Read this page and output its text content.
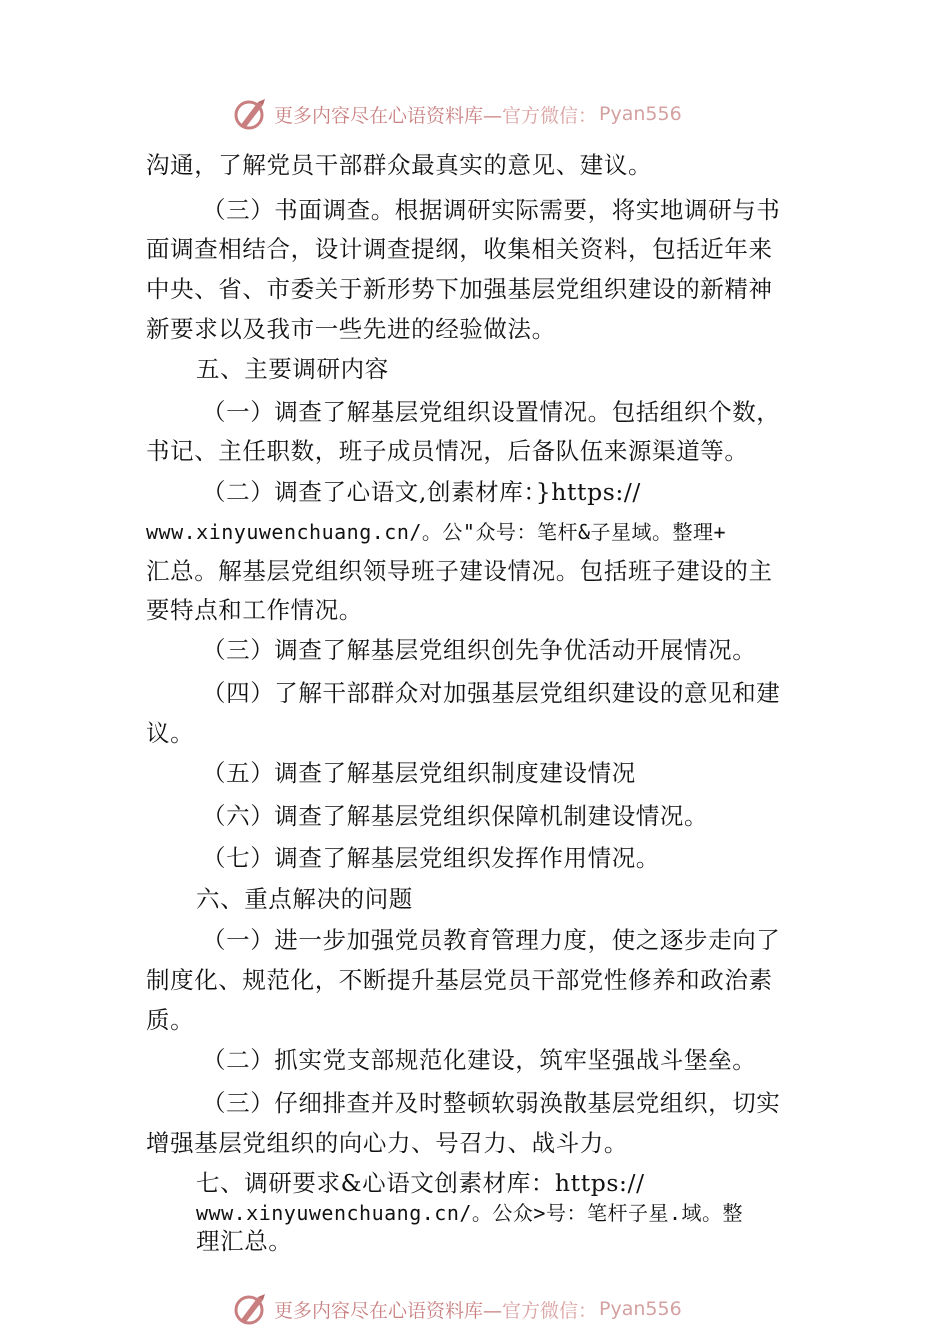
更多内容尽在心语资料库— 官方微信： Pyan556
沟通，了解党员干部群众最真实的意见、建议。
（三）书面调查。根据调研实际需要，将实地调研与书
面调查相结合，设计调查提纲，收集相关资料，包括近年来
中央、省、市委关于新形势下加强基层党组织建设的新精神
新要求以及我市一些先进的经验做法。
五、主要调研内容
（一）调查了解基层党组织设置情况。包括组织个数，
书记、主任职数，班子成员情况，后备队伍来源渠道等。
（二）调查了心语文,创素材库：}https://
www.xinyuwenchuang.cn/。公"众号：笔杆&子星域。整理+
汇总。解基层党组织领导班子建设情况。包括班子建设的主
要特点和工作情况。
（三）调查了解基层党组织创先争优活动开展情况。
（四）了解干部群众对加强基层党组织建设的意见和建
议。
（五）调查了解基层党组织制度建设情况
（六）调查了解基层党组织保障机制建设情况。
（七）调查了解基层党组织发挥作用情况。
六、重点解决的问题
（一）进一步加强党员教育管理力度，使之逐步走向了
制度化、规范化，不断提升基层党员干部党性修养和政治素
质。
（二）抓实党支部规范化建设，筑牢坚强战斗堡垒。
（三）仔细排查并及时整顿软弱涣散基层党组织，切实
增强基层党组织的向心力、号召力、战斗力。
七、调研要求&心语文创素材库：https://
www.xinyuwenchuang.cn/。公众>号：笔杆子星.域。整
理汇总。
更多内容尽在心语资料库— 官方微信： Pyan556
